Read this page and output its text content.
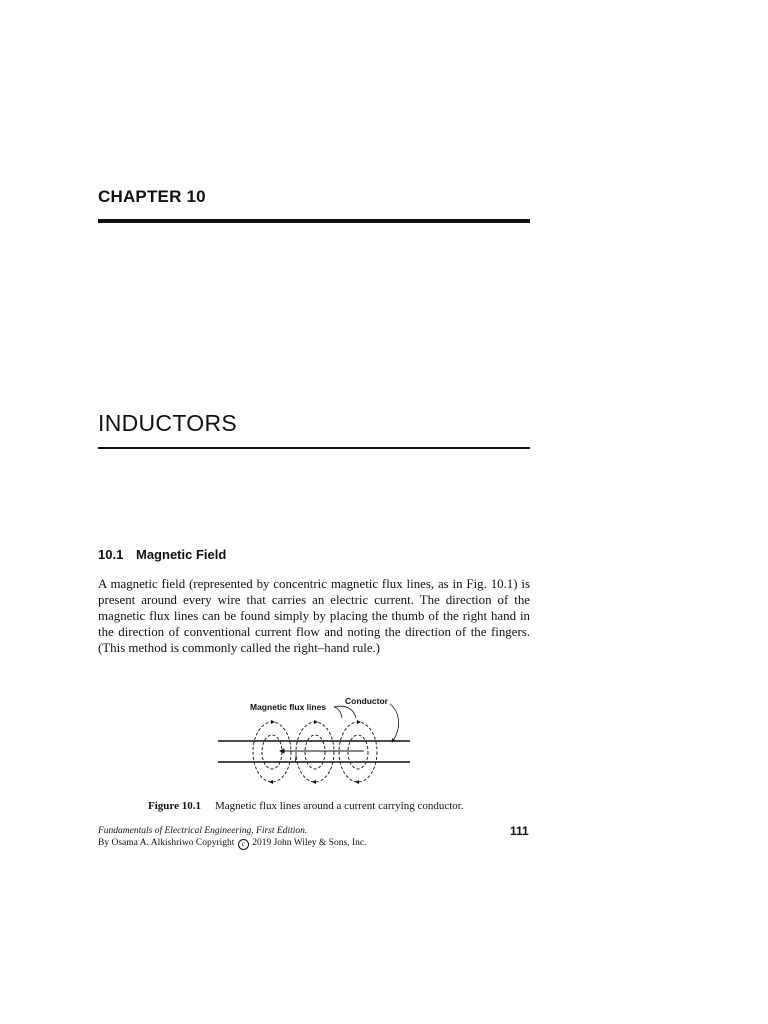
CHAPTER 10
INDUCTORS
10.1 Magnetic Field
A magnetic field (represented by concentric magnetic flux lines, as in Fig. 10.1) is present around every wire that carries an electric current. The direction of the magnetic flux lines can be found simply by placing the thumb of the right hand in the direction of conventional current flow and noting the direction of the fingers. (This method is commonly called the right–hand rule.)
I
Magnetic flux lines
Conductor
Figure 10.1 Magnetic flux lines around a current carrying conductor.
Fundamentals of Electrical Engineering, First Edition.	111
By Osama A. Alkishriwo Copyright c 2019 John Wiley & Sons, Inc.
